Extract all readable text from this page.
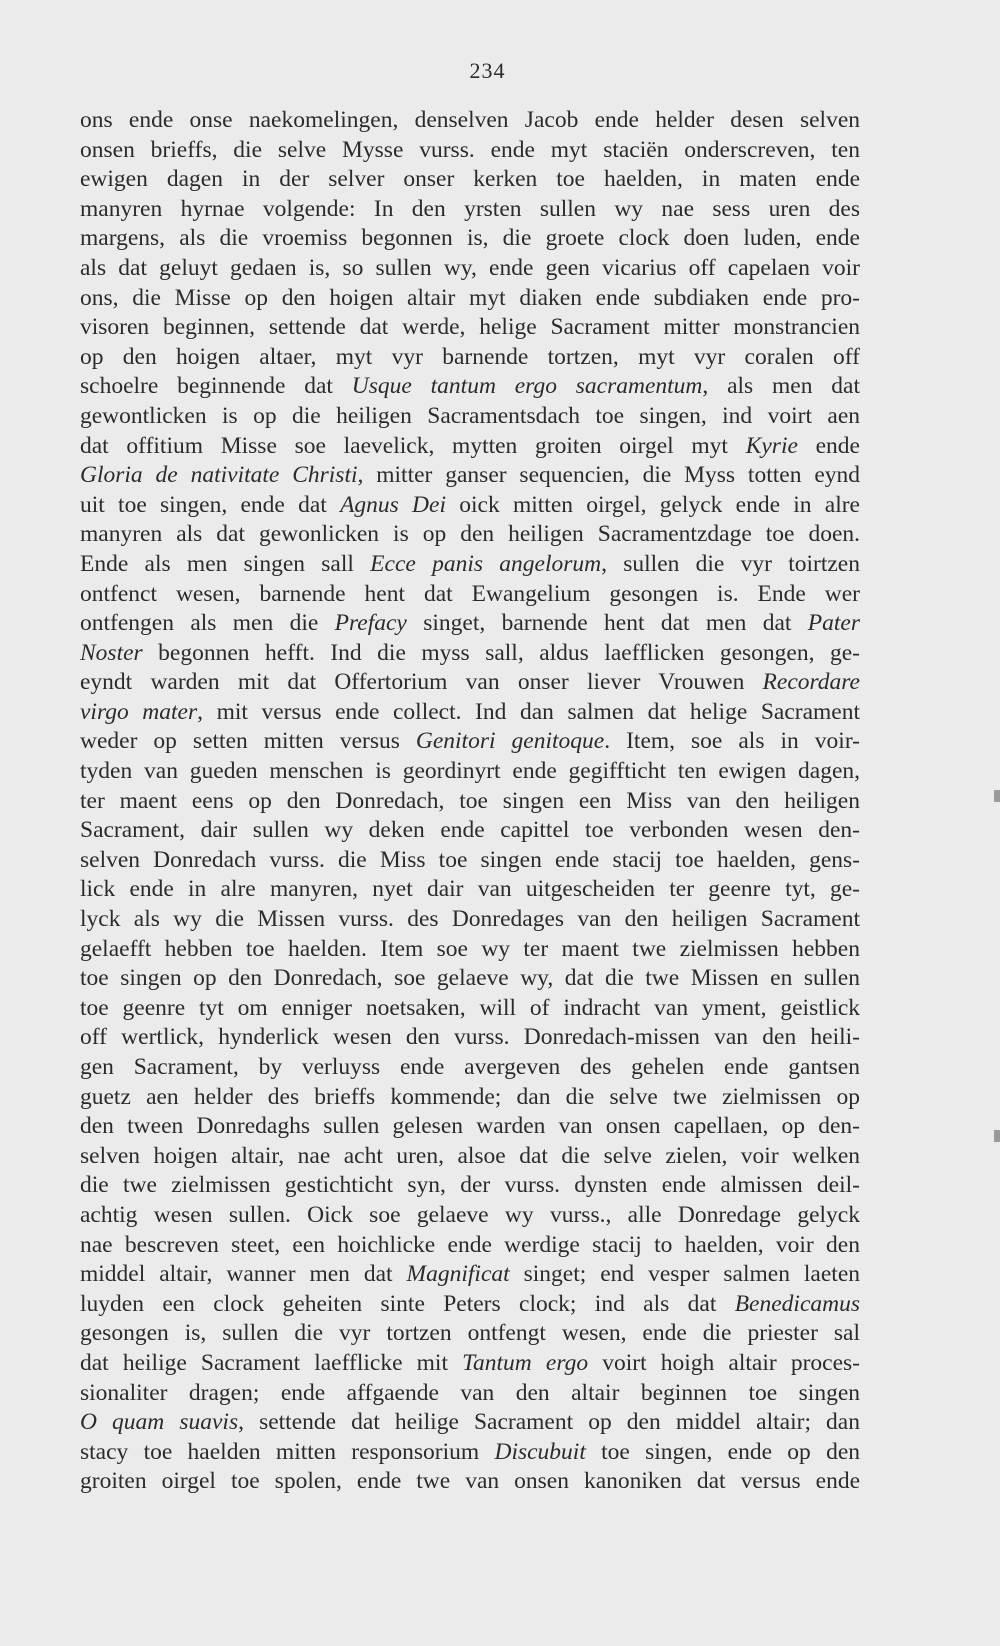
234
ons ende onse naekomelingen, denselven Jacob ende helder desen selven
onsen brieffs, die selve Mysse vurss. ende myt staciën onderscreven, ten
ewigen dagen in der selver onser kerken toe haelden, in maten ende
manyren hyrnae volgende: In den yrsten sullen wy nae sess uren des
margens, als die vroemiss begonnen is, die groete clock doen luden, ende
als dat geluyt gedaen is, so sullen wy, ende geen vicarius off capelaen voir
ons, die Misse op den hoigen altair myt diaken ende subdiaken ende pro-
visoren beginnen, settende dat werde, helige Sacrament mitter monstrancien
op den hoigen altaer, myt vyr barnende tortzen, myt vyr coralen off
schoelre beginnende dat Usque tantum ergo sacramentum, als men dat
gewontlicken is op die heiligen Sacramentsdach toe singen, ind voirt aen
dat offitium Misse soe laevelick, mytten groiten oirgel myt Kyrie ende
Gloria de nativitate Christi, mitter ganser sequencien, die Myss totten eynd
uit toe singen, ende dat Agnus Dei oick mitten oirgel, gelyck ende in alre
manyren als dat gewonlicken is op den heiligen Sacramentzdage toe doen.
Ende als men singen sall Ecce panis angelorum, sullen die vyr toirtzen
ontfenct wesen, barnende hent dat Ewangelium gesongen is. Ende wer
ontfengen als men die Prefacy singet, barnende hent dat men dat Pater
Noster begonnen hefft. Ind die myss sall, aldus laefflicken gesongen, ge-
eyndt warden mit dat Offertorium van onser liever Vrouwen Recordare
virgo mater, mit versus ende collect. Ind dan salmen dat helige Sacrament
weder op setten mitten versus Genitori genitoque. Item, soe als in voir-
tyden van gueden menschen is geordinyrt ende gegiffticht ten ewigen dagen,
ter maent eens op den Donredach, toe singen een Miss van den heiligen
Sacrament, dair sullen wy deken ende capittel toe verbonden wesen den-
selven Donredach vurss. die Miss toe singen ende stacij toe haelden, gens-
lick ende in alre manyren, nyet dair van uitgescheiden ter geenre tyt, ge-
lyck als wy die Missen vurss. des Donredages van den heiligen Sacrament
gelaefft hebben toe haelden. Item soe wy ter maent twe zielmissen hebben
toe singen op den Donredach, soe gelaeve wy, dat die twe Missen en sullen
toe geenre tyt om enniger noetsaken, will of indracht van yment, geistlick
off wertlick, hynderlick wesen den vurss. Donredach-missen van den heili-
gen Sacrament, by verluyss ende avergeven des gehelen ende gantsen
guetz aen helder des brieffs kommende; dan die selve twe zielmissen op
den tween Donredaghs sullen gelesen warden van onsen capellaen, op den-
selven hoigen altair, nae acht uren, alsoe dat die selve zielen, voir welken
die twe zielmissen gestichticht syn, der vurss. dynsten ende almissen deil-
achtig wesen sullen. Oick soe gelaeve wy vurss., alle Donredage gelyck
nae bescreven steet, een hoichlicke ende werdige stacij to haelden, voir den
middel altair, wanner men dat Magnificat singet; end vesper salmen laeten
luyden een clock geheiten sinte Peters clock; ind als dat Benedicamus
gesongen is, sullen die vyr tortzen ontfengt wesen, ende die priester sal
dat heilige Sacrament laefflicke mit Tantum ergo voirt hoigh altair proces-
sionaliter dragen; ende affgaende van den altair beginnen toe singen
O quam suavis, settende dat heilige Sacrament op den middel altair; dan
stacy toe haelden mitten responsorium Discubuit toe singen, ende op den
groiten oirgel toe spolen, ende twe van onsen kanoniken dat versus ende
